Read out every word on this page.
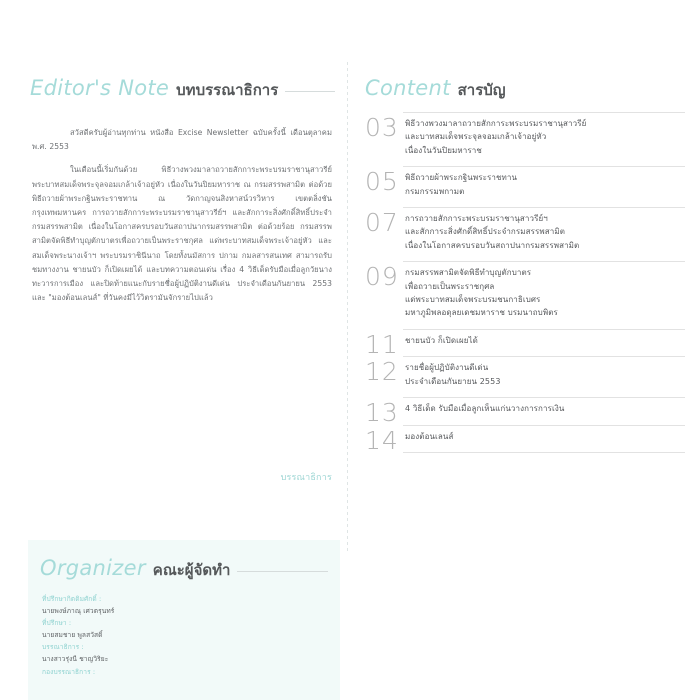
Editor's Note บทบรรณาธิการ

สวัสดีครับผู้อ่านทุกท่าน หนังสือ Excise Newsletter ฉบับครั้งนี้ เดือนตุลาคม พ.ศ. 2553

ในเดือนนี้เริ่มกันด้วย พิธีวางพวงมาลาถวายสักการะพระบรมราชานุสาวรีย์พระบาทสมเด็จพระจุลจอมเกล้าเจ้าอยู่หัว เนื่องในวันปิยมหาราช ณ กรมสรรพสามิต ต่อด้วยพิธีถวายผ้าพระกฐินพระราชทาน ณ วัดกาญจนสิงหาสน์วรวิหาร เขตตลิ่งชัน กรุงเทพมหานคร การถวายสักการะพระบรมราชานุสาวรีย์ฯ และสักการะสิ่งศักดิ์สิทธิ์ประจำกรมสรรพสามิต เนื่องในโอกาสครบรอบวันสถาปนากรมสรรพสามิต ต่อด้วยร้อย กรมสรรพสามิตจัดพิธีทำบุญตักบาตรเพื่อถวายเป็นพระราชกุศล แด่พระบาทสมเด็จพระเจ้าอยู่หัว และสมเด็จพระนางเจ้าฯ พระบรมราชินีนาถ โดยทั้งนมัสการ ปกาม กมลสารสนเทศ สามารถรับชมทางงาน ชายนบัว ก็เปิดเผยได้ และบทความตอนเด่น เรื่อง 4 วิธีเด็ดรับมือเมื่อลูกวัยนางทะวารการเมือง และปิดท้ายแนะกับรายชื่อผู้ปฏิบัติงานดีเด่น ประจำเดือนกันยายน 2553 และ "มองต้อนเลนส์" ที่วันคงมีไว้วิตรามันจักรายไปแล้ว

บรรณาธิการ
Organizer คณะผู้จัดทำ
ที่ปรึกษากิตติมศักดิ์ :
นายพงษ์ภาณุ เศวตรุนทร์
ที่ปรึกษา :
นายสมชาย พูลสวัสดิ์
บรรณาธิการ :
นางสาวรุ่งนี ชาญวิริยะ
กองบรรณาธิการ :
Content สารบัญ
03 พิธีวางพวงมาลาถวายสักการะพระบรมราชานุสาวรีย์
และบาทสมเด็จพระจุลจอมเกล้าเจ้าอยู่หัว
เนื่องในวันปิยมหาราช
05 พิธีถวายผ้าพระกฐินพระราชทาน
กรมกรรมพกามต
07 การถวายสักการะพระบรมราชานุสาวรีย์ฯ
และสักการะสิ่งศักดิ์สิทธิ์ประจำกรมสรรพสามิต
เนื่องในโอกาสครบรอบวันสถาปนากรมสรรพสามิต
09 กรมสรรพสามิตจัดพิธีทำบุญตักบาตร
เพื่อถวายเป็นพระราชกุศล
แด่พระบาทสมเด็จพระบรมชนกาธิเบศร
มหาภูมิพลอดุลยเดชมหาราช บรมนาถบพิตร
11 ชายนบัว ก็เปิดเผยได้
12 รายชื่อผู้ปฏิบัติงานดีเด่น
ประจำเดือนกันยายน 2553
13 4 วิธีเด็ด รับมือเมื่อลูกเห็นแก่นวางการการเงิน
14 มองต้อนเลนส์
